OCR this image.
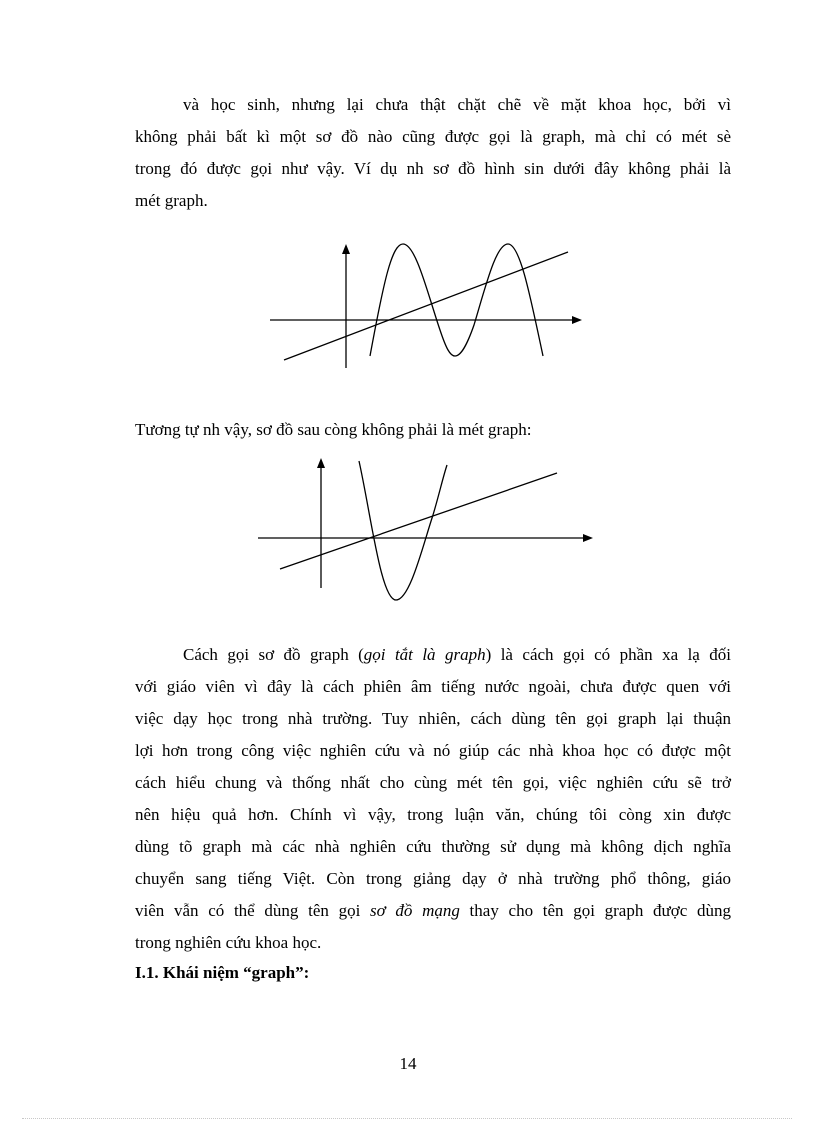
và học sinh, nhưng lại chưa thật chặt chẽ về mặt khoa học, bởi vì
không phải bất kì một sơ đồ nào cũng được gọi là graph, mà chỉ có mét sè
trong đó được gọi như vậy. Ví dụ nh sơ đồ hình sin dưới đây không phải là
mét graph.

Tương tự nh vậy, sơ đồ sau còng không phải là mét graph:

Cách gọi sơ đồ graph (gọi tắt là graph) là cách gọi có phần xa lạ đối
với giáo viên vì đây là cách phiên âm tiếng nước ngoài, chưa được quen với
việc dạy học trong nhà trường. Tuy nhiên, cách dùng tên gọi graph lại thuận
lợi hơn trong công việc nghiên cứu và nó giúp các nhà khoa học có được một
cách hiểu chung và thống nhất cho cùng mét tên gọi, việc nghiên cứu sẽ trở
nên hiệu quả hơn. Chính vì vậy, trong luận văn, chúng tôi còng xin được
dùng tõ graph mà các nhà nghiên cứu thường sử dụng mà không dịch nghĩa
chuyển sang tiếng Việt. Còn trong giảng dạy ở nhà trường phổ thông, giáo
viên vẫn có thể dùng tên gọi sơ đồ mạng thay cho tên gọi graph được dùng
trong nghiên cứu khoa học.

I.1. Khái niệm “graph”:

14
